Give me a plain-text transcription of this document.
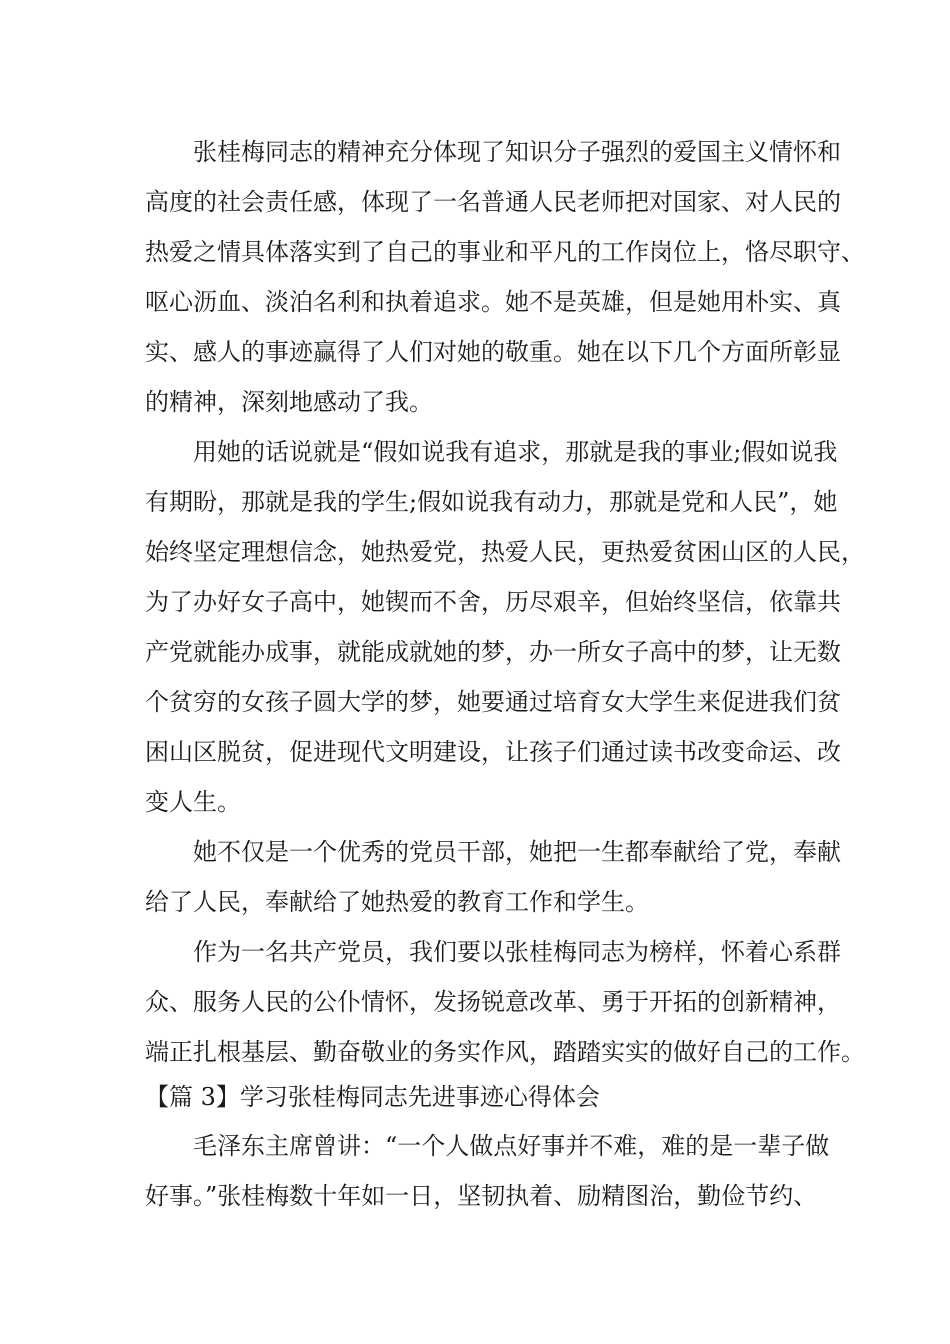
张桂梅同志的精神充分体现了知识分子强烈的爱国主义情怀和
高度的社会责任感，体现了一名普通人民老师把对国家、对人民的
热爱之情具体落实到了自己的事业和平凡的工作岗位上，恪尽职守、
呕心沥血、淡泊名利和执着追求。她不是英雄，但是她用朴实、真
实、感人的事迹赢得了人们对她的敬重。她在以下几个方面所彰显
的精神，深刻地感动了我。
用她的话说就是“假如说我有追求，那就是我的事业;假如说我
有期盼，那就是我的学生;假如说我有动力，那就是党和人民”，她
始终坚定理想信念，她热爱党，热爱人民，更热爱贫困山区的人民，
为了办好女子高中，她锲而不舍，历尽艰辛，但始终坚信，依靠共
产党就能办成事，就能成就她的梦，办一所女子高中的梦，让无数
个贫穷的女孩子圆大学的梦，她要通过培育女大学生来促进我们贫
困山区脱贫，促进现代文明建设，让孩子们通过读书改变命运、改
变人生。
她不仅是一个优秀的党员干部，她把一生都奉献给了党，奉献
给了人民，奉献给了她热爱的教育工作和学生。
作为一名共产党员，我们要以张桂梅同志为榜样，怀着心系群
众、服务人民的公仆情怀，发扬锐意改革、勇于开拓的创新精神，
端正扎根基层、勤奋敬业的务实作风，踏踏实实的做好自己的工作。
【篇 3】学习张桂梅同志先进事迹心得体会
毛泽东主席曾讲：“一个人做点好事并不难，难的是一辈子做
好事。”张桂梅数十年如一日，坚韧执着、励精图治，勤俭节约、
